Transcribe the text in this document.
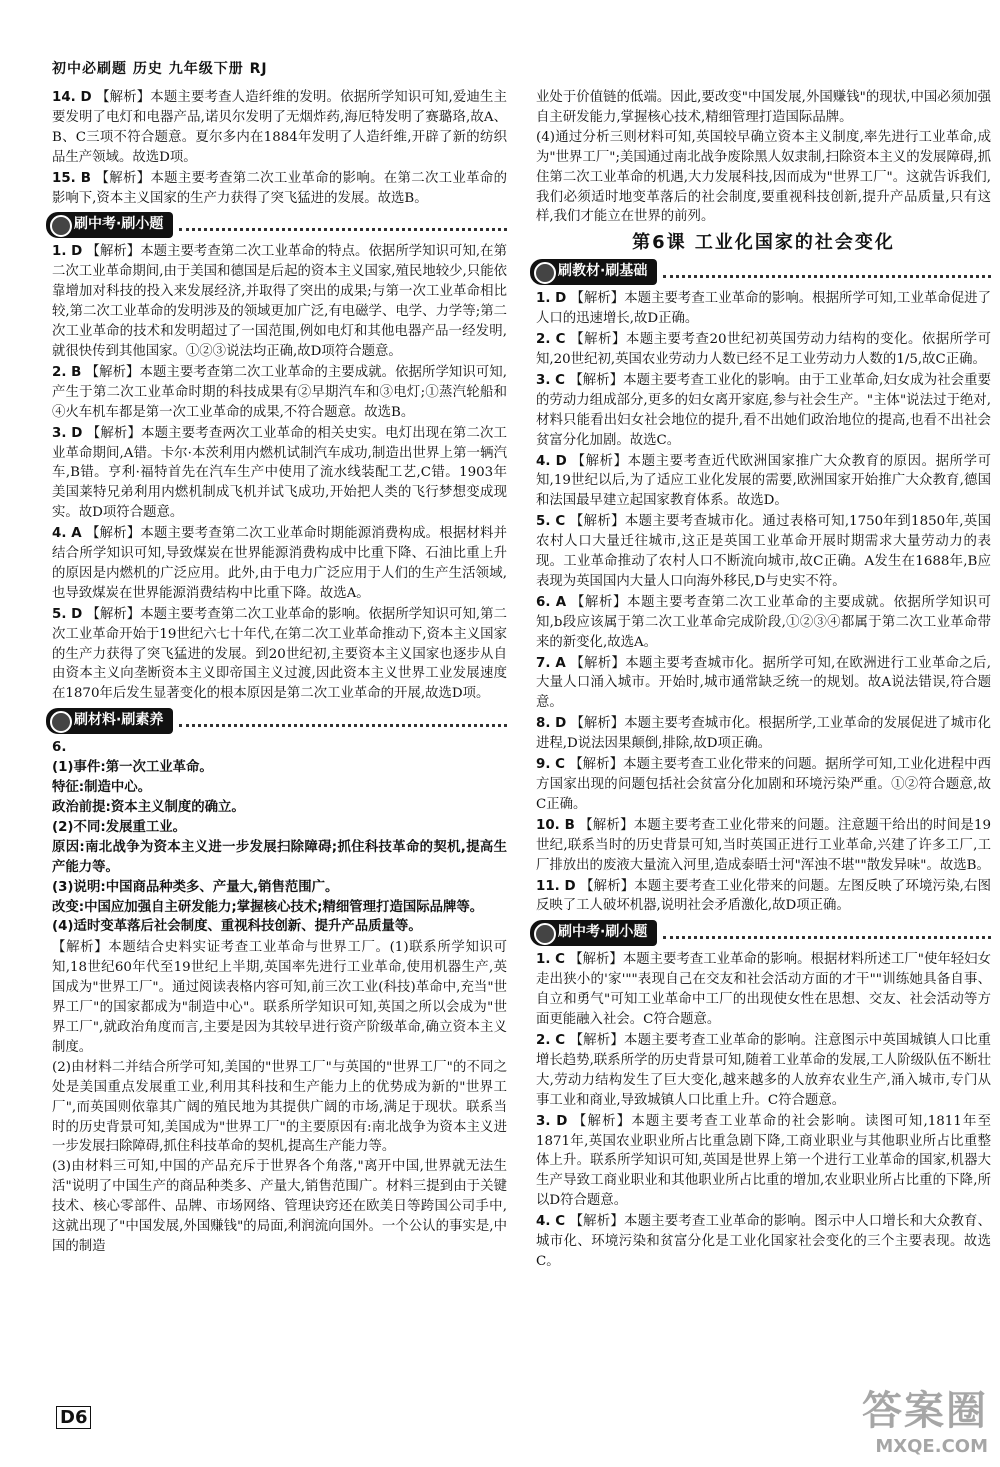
初中必刷题 历史 九年级下册 RJ
14. D 【解析】本题主要考查人造纤维的发明。依据所学知识可知,爱迪生主要发明了电灯和电器产品,诺贝尔发明了无烟炸药,海厄特发明了赛璐珞,故A、B、C三项不符合题意。夏尔多内在1884年发明了人造纤维,开辟了新的纺织品生产领域。故选D项。
15. B 【解析】本题主要考查第二次工业革命的影响。在第二次工业革命的影响下,资本主义国家的生产力获得了突飞猛进的发展。故选B。
刷中考·刷小题
1. D 【解析】本题主要考查第二次工业革命的特点。依据所学知识可知,在第二次工业革命期间,由于美国和德国是后起的资本主义国家,殖民地较少,只能依靠增加对科技的投入来发展经济,并取得了突出的成果;与第一次工业革命相比较,第二次工业革命的发明涉及的领域更加广泛,有电磁学、电学、力学等;第二次工业革命的技术和发明超过了一国范围,例如电灯和其他电器产品一经发明,就很快传到其他国家。①②③说法均正确,故D项符合题意。
2. B 【解析】本题主要考查第二次工业革命的主要成就。依据所学知识可知,产生于第二次工业革命时期的科技成果有②早期汽车和③电灯;①蒸汽轮船和④火车机车都是第一次工业革命的成果,不符合题意。故选B。
3. D 【解析】本题主要考查两次工业革命的相关史实。电灯出现在第二次工业革命期间,A错。卡尔·本茨利用内燃机试制汽车成功,制造出世界上第一辆汽车,B错。亨利·福特首先在汽车生产中使用了流水线装配工艺,C错。1903年美国莱特兄弟利用内燃机制成飞机并试飞成功,开始把人类的飞行梦想变成现实。故D项符合题意。
4. A 【解析】本题主要考查第二次工业革命时期能源消费构成。根据材料并结合所学知识可知,导致煤炭在世界能源消费构成中比重下降、石油比重上升的原因是内燃机的广泛应用。此外,由于电力广泛应用于人们的生产生活领域,也导致煤炭在世界能源消费结构中比重下降。故选A。
5. D 【解析】本题主要考查第二次工业革命的影响。依据所学知识可知,第二次工业革命开始于19世纪六七十年代,在第二次工业革命推动下,资本主义国家的生产力获得了突飞猛进的发展。到20世纪初,主要资本主义国家也逐步从自由资本主义向垄断资本主义即帝国主义过渡,因此资本主义世界工业发展速度在1870年后发生显著变化的根本原因是第二次工业革命的开展,故选D项。
刷材料·刷素养
6.
(1)事件:第一次工业革命。
特征:制造中心。
政治前提:资本主义制度的确立。
(2)不同:发展重工业。
原因:南北战争为资本主义进一步发展扫除障碍;抓住科技革命的契机,提高生产能力等。
(3)说明:中国商品种类多、产量大,销售范围广。
改变:中国应加强自主研发能力;掌握核心技术;精细管理打造国际品牌等。
(4)适时变革落后社会制度、重视科技创新、提升产品质量等。
【解析】本题结合史料实证考查工业革命与世界工厂。(1)联系所学知识可知,18世纪60年代至19世纪上半期,英国率先进行工业革命,使用机器生产,英国成为"世界工厂"。通过阅读表格内容可知,前三次工业(科技)革命中,充当"世界工厂"的国家都成为"制造中心"。联系所学知识可知,英国之所以会成为"世界工厂",就政治角度而言,主要是因为其较早进行资产阶级革命,确立资本主义制度。
(2)由材料二并结合所学可知,美国的"世界工厂"与英国的"世界工厂"的不同之处是美国重点发展重工业,利用其科技和生产能力上的优势成为新的"世界工厂",而英国则依靠其广阔的殖民地为其提供广阔的市场,满足于现状。联系当时的历史背景可知,美国成为"世界工厂"的主要原因有:南北战争为资本主义进一步发展扫除障碍,抓住科技革命的契机,提高生产能力等。
(3)由材料三可知,中国的产品充斥于世界各个角落,"离开中国,世界就无法生活"说明了中国生产的商品种类多、产量大,销售范围广。材料三提到由于关键技术、核心零部件、品牌、市场网络、管理诀窍还在欧美日等跨国公司手中,这就出现了"中国发展,外国赚钱"的局面,利润流向国外。一个公认的事实是,中国的制造
业处于价值链的低端。因此,要改变"中国发展,外国赚钱"的现状,中国必须加强自主研发能力,掌握核心技术,精细管理打造国际品牌。
(4)通过分析三则材料可知,英国较早确立资本主义制度,率先进行工业革命,成为"世界工厂";美国通过南北战争废除黑人奴隶制,扫除资本主义的发展障碍,抓住第二次工业革命的机遇,大力发展科技,因而成为"世界工厂"。这就告诉我们,我们必须适时地变革落后的社会制度,要重视科技创新,提升产品质量,只有这样,我们才能立在世界的前列。
第6课 工业化国家的社会变化
刷教材·刷基础
1. D 【解析】本题主要考查工业革命的影响。根据所学可知,工业革命促进了人口的迅速增长,故D正确。
2. C 【解析】本题主要考查20世纪初英国劳动力结构的变化。依据所学可知,20世纪初,英国农业劳动力人数已经不足工业劳动力人数的1/5,故C正确。
3. C 【解析】本题主要考查工业化的影响。由于工业革命,妇女成为社会重要的劳动力组成部分,更多的妇女离开家庭,参与社会生产。"主体"说法过于绝对,材料只能看出妇女社会地位的提升,看不出她们政治地位的提高,也看不出社会贫富分化加剧。故选C。
4. D 【解析】本题主要考查近代欧洲国家推广大众教育的原因。据所学可知,19世纪以后,为了适应工业化发展的需要,欧洲国家开始推广大众教育,德国和法国最早建立起国家教育体系。故选D。
5. C 【解析】本题主要考查城市化。通过表格可知,1750年到1850年,英国农村人口大量迁往城市,这正是英国工业革命开展时期需求大量劳动力的表现。工业革命推动了农村人口不断流向城市,故C正确。A发生在1688年,B应表现为英国国内大量人口向海外移民,D与史实不符。
6. A 【解析】本题主要考查第二次工业革命的主要成就。依据所学知识可知,b段应该属于第二次工业革命完成阶段,①②③④都属于第二次工业革命带来的新变化,故选A。
7. A 【解析】本题主要考查城市化。据所学可知,在欧洲进行工业革命之后,大量人口涌入城市。开始时,城市通常缺乏统一的规划。故A说法错误,符合题意。
8. D 【解析】本题主要考查城市化。根据所学,工业革命的发展促进了城市化进程,D说法因果颠倒,排除,故D项正确。
9. C 【解析】本题主要考查工业化带来的问题。据所学可知,工业化进程中西方国家出现的问题包括社会贫富分化加剧和环境污染严重。①②符合题意,故C正确。
10. B 【解析】本题主要考查工业化带来的问题。注意题干给出的时间是19世纪,联系当时的历史背景可知,当时英国正进行工业革命,兴建了许多工厂,工厂排放出的废液大量流入河里,造成泰晤士河"浑浊不堪""散发异味"。故选B。
11. D 【解析】本题主要考查工业化带来的问题。左图反映了环境污染,右图反映了工人破坏机器,说明社会矛盾激化,故D项正确。
刷中考·刷小题
1. C 【解析】本题主要考查工业革命的影响。根据材料所述工厂"使年轻妇女走出狭小的'家'""表现自己在交友和社会活动方面的才干""训练她具备自事、自立和勇气"可知工业革命中工厂的出现使女性在思想、交友、社会活动等方面更能融入社会。C符合题意。
2. C 【解析】本题主要考查工业革命的影响。注意图示中英国城镇人口比重增长趋势,联系所学的历史背景可知,随着工业革命的发展,工人阶级队伍不断壮大,劳动力结构发生了巨大变化,越来越多的人放弃农业生产,涌入城市,专门从事工业和商业,导致城镇人口比重上升。C符合题意。
3. D 【解析】本题主要考查工业革命的社会影响。读图可知,1811年至1871年,英国农业职业所占比重急剧下降,工商业职业与其他职业所占比重整体上升。联系所学知识可知,英国是世界上第一个进行工业革命的国家,机器大生产导致工商业职业和其他职业所占比重的增加,农业职业所占比重的下降,所以D符合题意。
4. C 【解析】本题主要考查工业革命的影响。图示中人口增长和大众教育、城市化、环境污染和贫富分化是工业化国家社会变化的三个主要表现。故选C。
D6	答案圈
MXQE.COM
